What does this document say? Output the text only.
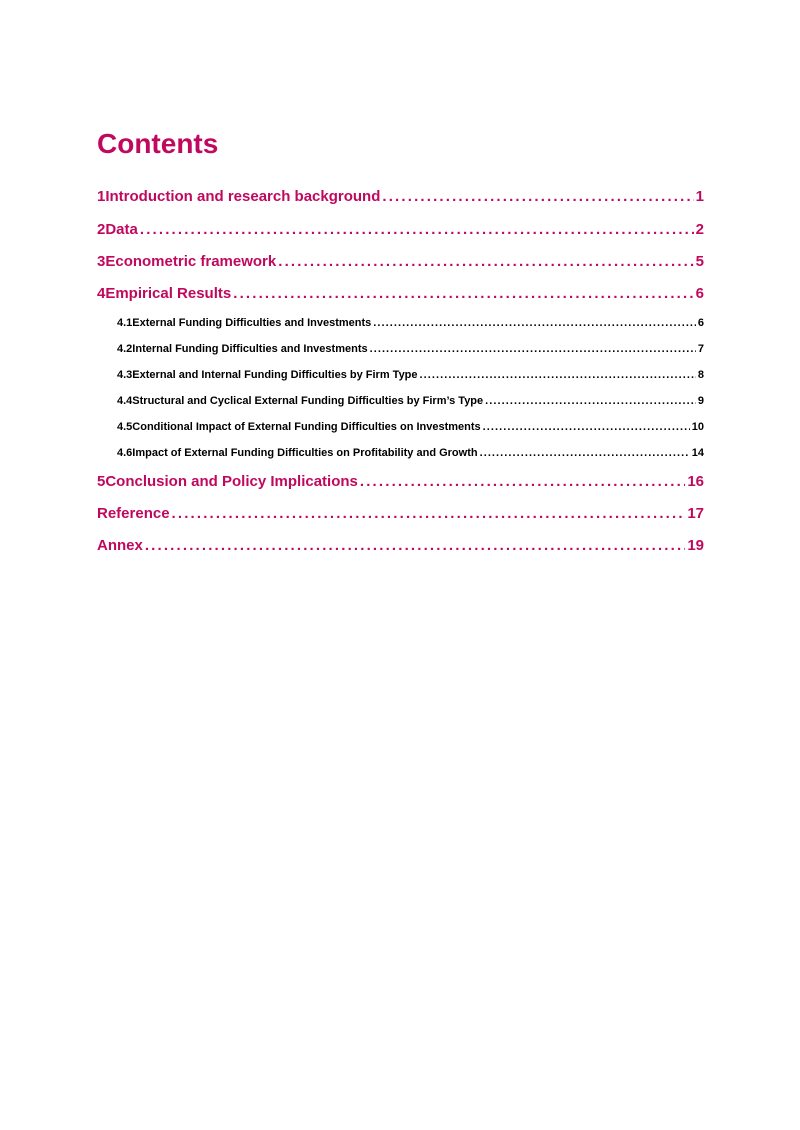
Contents
1 Introduction and research background . . .	1
2 Data . . .	2
3 Econometric framework . . .	5
4 Empirical Results . . .	6
4.1 External Funding Difficulties and Investments . . .	6
4.2 Internal Funding Difficulties and Investments . . .	7
4.3 External and Internal Funding Difficulties by Firm Type . . .	8
4.4 Structural and Cyclical External Funding Difficulties by Firm’s Type . . .	9
4.5 Conditional Impact of External Funding Difficulties on Investments . . .	10
4.6 Impact of External Funding Difficulties on Profitability and Growth . . .	14
5 Conclusion and Policy Implications . . .	16
Reference . . .	17
Annex . . .	19
